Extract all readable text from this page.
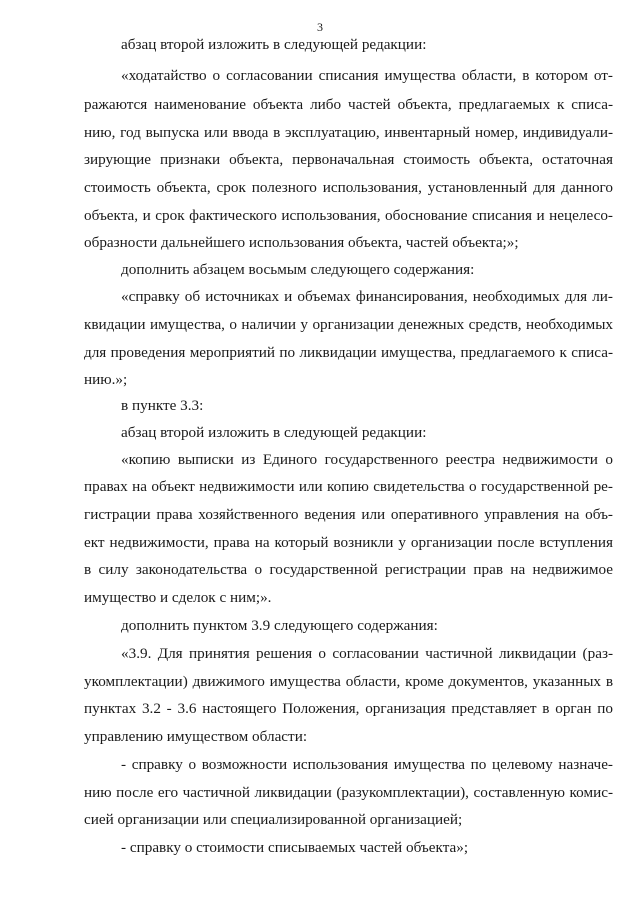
3
абзац второй изложить в следующей редакции:
«ходатайство о согласовании списания имущества области, в котором от-
ражаются наименование объекта либо частей объекта, предлагаемых к списа-
нию, год выпуска или ввода в эксплуатацию, инвентарный номер, индивидуали-
зирующие признаки объекта, первоначальная стоимость объекта, остаточная
стоимость объекта, срок полезного использования, установленный для данного
объекта, и срок фактического использования, обоснование списания и нецелесо-
образности дальнейшего использования объекта, частей объекта;»;
дополнить абзацем восьмым следующего содержания:
«справку об источниках и объемах финансирования, необходимых для ли-
квидации имущества, о наличии у организации денежных средств, необходимых
для проведения мероприятий по ликвидации имущества, предлагаемого к списа-
нию.»;
в пункте 3.3:
абзац второй изложить в следующей редакции:
«копию выписки из Единого государственного реестра недвижимости о
правах на объект недвижимости или копию свидетельства о государственной ре-
гистрации права хозяйственного ведения или оперативного управления на объ-
ект недвижимости, права на который возникли у организации после вступления
в силу законодательства о государственной регистрации прав на недвижимое
имущество и сделок с ним;».
дополнить пунктом 3.9 следующего содержания:
«3.9. Для принятия решения о согласовании частичной ликвидации (раз-
укомплектации) движимого имущества области, кроме документов, указанных в
пунктах 3.2 - 3.6 настоящего Положения, организация представляет в орган по
управлению имуществом области:
- справку о возможности использования имущества по целевому назначе-
нию после его частичной ликвидации (разукомплектации), составленную комис-
сией организации или специализированной организацией;
- справку о стоимости списываемых частей объекта»;
